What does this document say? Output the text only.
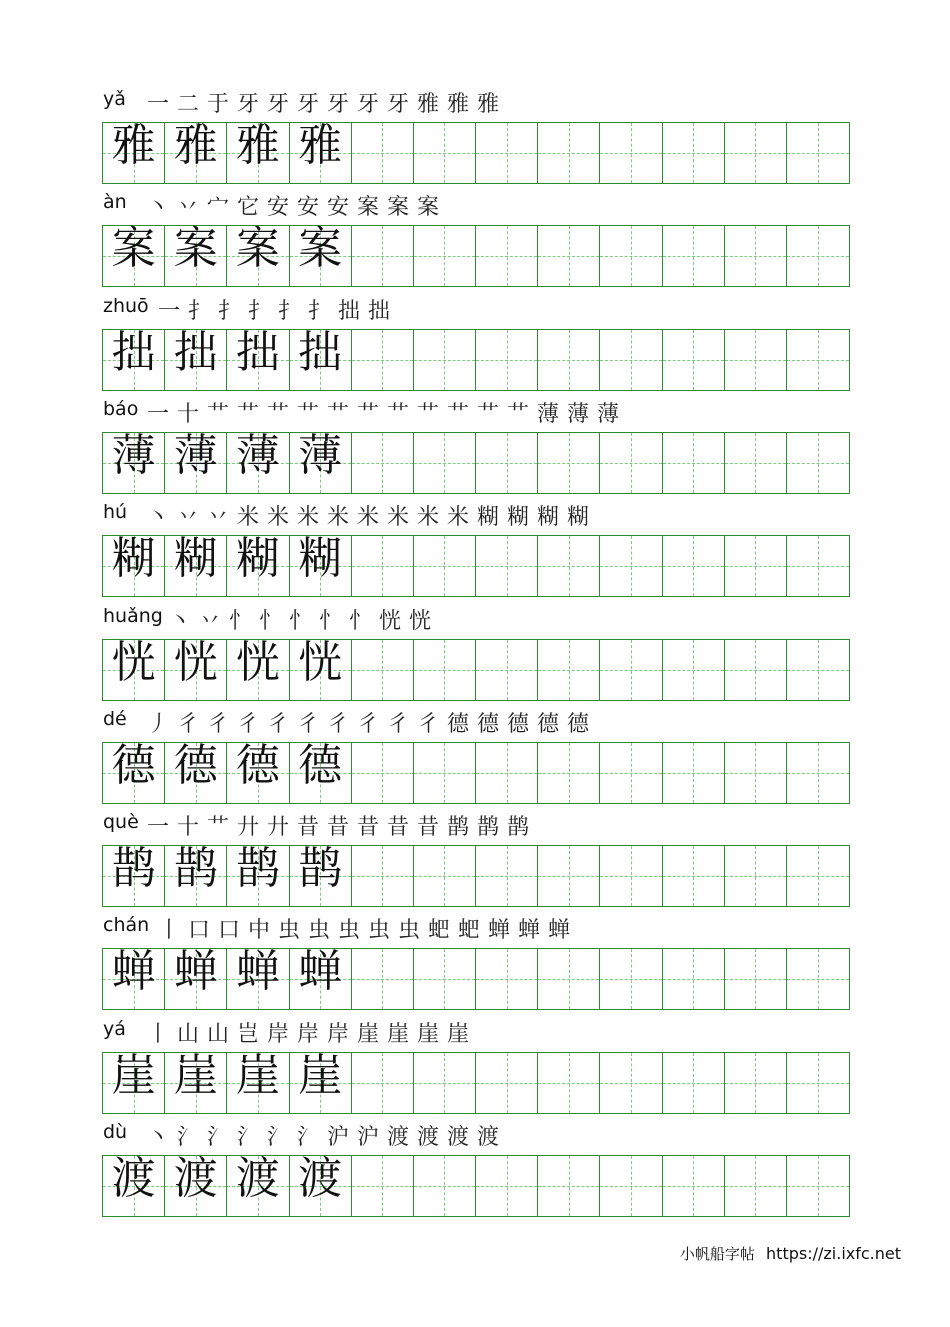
yǎ 一 二 于 牙 牙 牙 牙 牙 牙 雅 雅 雅
雅 雅 雅 雅
àn 丶 丷 宀 它 安 安 安 案 案 案
案 案 案 案
zhuō 一 扌 扌 扌 扌 扌 拙 拙
拙 拙 拙 拙
báo 一 十 艹 艹 艹 艹 艹 艹 艹 艹 艹 艹 艹 薄 薄 薄
薄 薄 薄 薄
hú 丶 丷 丷 米 米 米 米 米 米 米 米 糊 糊 糊 糊
糊 糊 糊 糊
huǎng 丶 丷 忄 忄 忄 忄 忄 恍 恍
恍 恍 恍 恍
dé 丿 彳 彳 彳 彳 彳 彳 彳 彳 彳 德 德 德 德 德
德 德 德 德
què 一 十 艹 廾 廾 昔 昔 昔 昔 昔 鹊 鹊 鹊
鹊 鹊 鹊 鹊
chán 丨 口 口 中 虫 虫 虫 虫 虫 蚆 蚆 蝉 蝉 蝉
蝉 蝉 蝉 蝉
yá 丨 山 山 岂 岸 岸 岸 崖 崖 崖 崖
崖 崖 崖 崖
dù 丶 氵 氵 氵 氵 氵 沪 沪 渡 渡 渡 渡
渡 渡 渡 渡
小帆船字帖 https://zi.ixfc.net
